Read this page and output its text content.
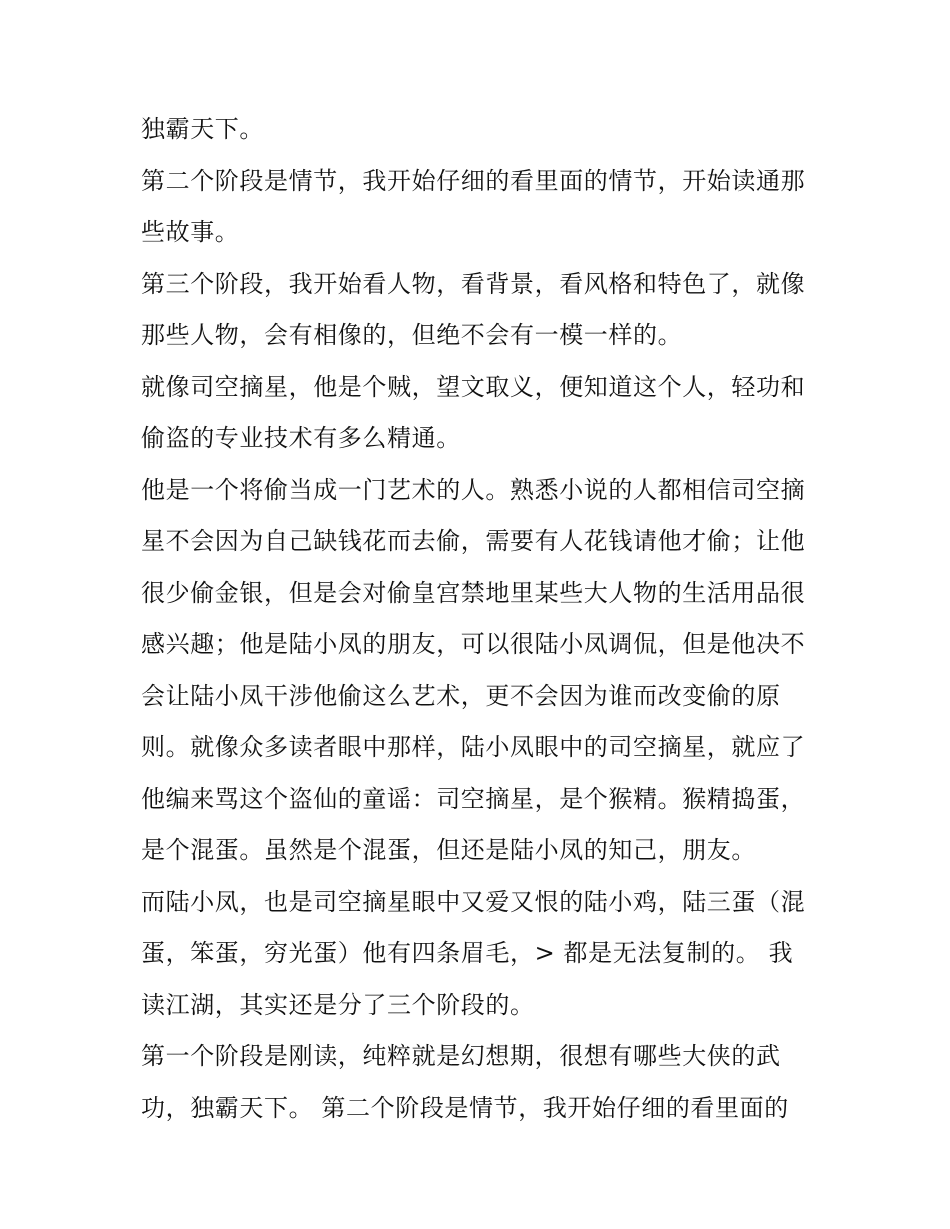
独霸天下。
第二个阶段是情节，我开始仔细的看里面的情节，开始读通那
些故事。
第三个阶段，我开始看人物，看背景，看风格和特色了，就像
那些人物，会有相像的，但绝不会有一模一样的。
就像司空摘星，他是个贼，望文取义，便知道这个人，轻功和
偷盗的专业技术有多么精通。
他是一个将偷当成一门艺术的人。熟悉小说的人都相信司空摘
星不会因为自己缺钱花而去偷，需要有人花钱请他才偷；让他
很少偷金银，但是会对偷皇宫禁地里某些大人物的生活用品很
感兴趣；他是陆小凤的朋友，可以很陆小凤调侃，但是他决不
会让陆小凤干涉他偷这么艺术，更不会因为谁而改变偷的原
则。就像众多读者眼中那样，陆小凤眼中的司空摘星，就应了
他编来骂这个盗仙的童谣：司空摘星，是个猴精。猴精捣蛋，
是个混蛋。虽然是个混蛋，但还是陆小凤的知己，朋友。
而陆小凤，也是司空摘星眼中又爱又恨的陆小鸡，陆三蛋（混
蛋，笨蛋，穷光蛋）他有四条眉毛，> 都是无法复制的。 我
读江湖，其实还是分了三个阶段的。
第一个阶段是刚读，纯粹就是幻想期，很想有哪些大侠的武
功，独霸天下。 第二个阶段是情节，我开始仔细的看里面的
